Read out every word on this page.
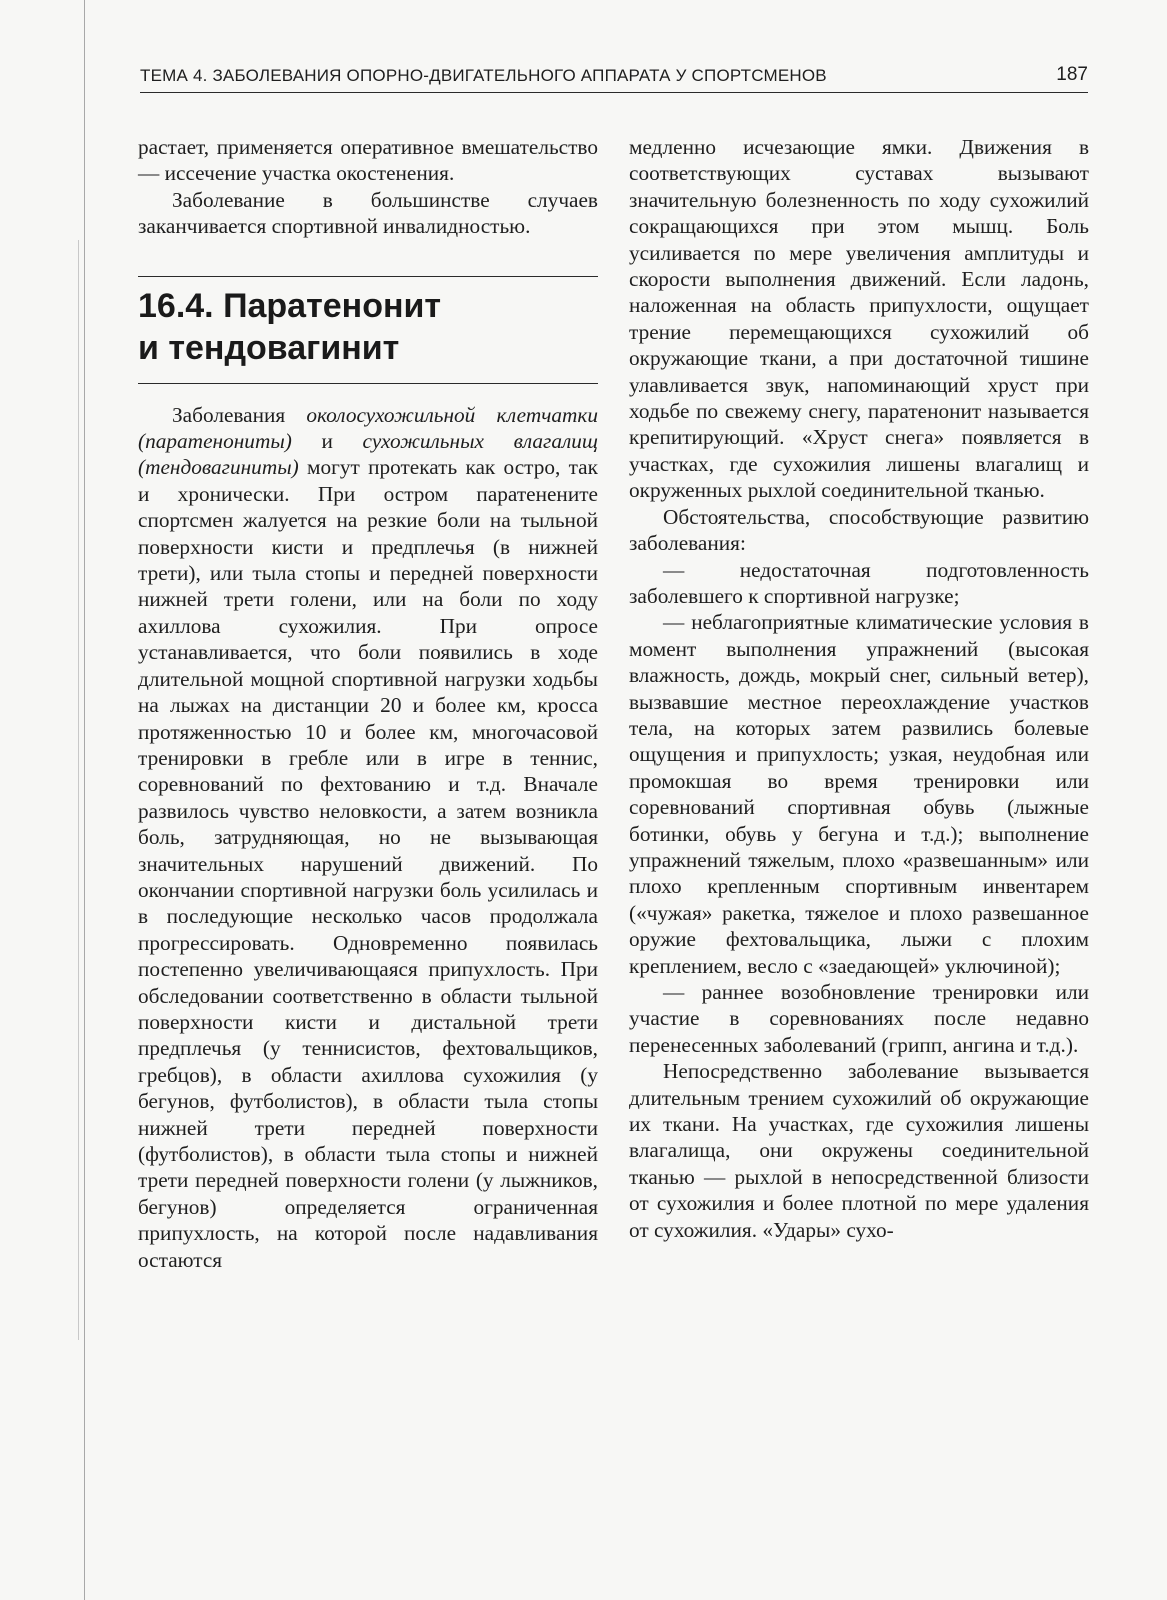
ТЕМА 4. ЗАБОЛЕВАНИЯ ОПОРНО-ДВИГАТЕЛЬНОГО АППАРАТА У СПОРТСМЕНОВ	187

растает, применяется оперативное вмешательство — иссечение участка окостенения.

Заболевание в большинстве случаев заканчивается спортивной инвалидностью.

16.4. Паратенонит
и тендовагинит

Заболевания околосухожильной клетчатки (паратенониты) и сухожильных влагалищ (тендовагиниты) могут протекать как остро, так и хронически. При остром паратенените спортсмен жалуется на резкие боли на тыльной поверхности кисти и предплечья (в нижней трети), или тыла стопы и передней поверхности нижней трети голени, или на боли по ходу ахиллова сухожилия. При опросе устанавливается, что боли появились в ходе длительной мощной спортивной нагрузки ходьбы на лыжах на дистанции 20 и более км, кросса протяженностью 10 и более км, многочасовой тренировки в гребле или в игре в теннис, соревнований по фехтованию и т.д. Вначале развилось чувство неловкости, а затем возникла боль, затрудняющая, но не вызывающая значительных нарушений движений. По окончании спортивной нагрузки боль усилилась и в последующие несколько часов продолжала прогрессировать. Одновременно появилась постепенно увеличивающаяся припухлость. При обследовании соответственно в области тыльной поверхности кисти и дистальной трети предплечья (у теннисистов, фехтовальщиков, гребцов), в области ахиллова сухожилия (у бегунов, футболистов), в области тыла стопы нижней трети передней поверхности (футболистов), в области тыла стопы и нижней трети передней поверхности голени (у лыжников, бегунов) определяется ограниченная припухлость, на которой после надавливания остаются

медленно исчезающие ямки. Движения в соответствующих суставах вызывают значительную болезненность по ходу сухожилий сокращающихся при этом мышц. Боль усиливается по мере увеличения амплитуды и скорости выполнения движений. Если ладонь, наложенная на область припухлости, ощущает трение перемещающихся сухожилий об окружающие ткани, а при достаточной тишине улавливается звук, напоминающий хруст при ходьбе по свежему снегу, паратенонит называется крепитирующий. «Хруст снега» появляется в участках, где сухожилия лишены влагалищ и окруженных рыхлой соединительной тканью.

Обстоятельства, способствующие развитию заболевания:

— недостаточная подготовленность заболевшего к спортивной нагрузке;

— неблагоприятные климатические условия в момент выполнения упражнений (высокая влажность, дождь, мокрый снег, сильный ветер), вызвавшие местное переохлаждение участков тела, на которых затем развились болевые ощущения и припухлость; узкая, неудобная или промокшая во время тренировки или соревнований спортивная обувь (лыжные ботинки, обувь у бегуна и т.д.); выполнение упражнений тяжелым, плохо «развешанным» или плохо крепленным спортивным инвентарем («чужая» ракетка, тяжелое и плохо развешанное оружие фехтовальщика, лыжи с плохим креплением, весло с «заедающей» уключиной);

— раннее возобновление тренировки или участие в соревнованиях после недавно перенесенных заболеваний (грипп, ангина и т.д.).

Непосредственно заболевание вызывается длительным трением сухожилий об окружающие их ткани. На участках, где сухожилия лишены влагалища, они окружены соединительной тканью — рыхлой в непосредственной близости от сухожилия и более плотной по мере удаления от сухожилия. «Удары» сухо-
